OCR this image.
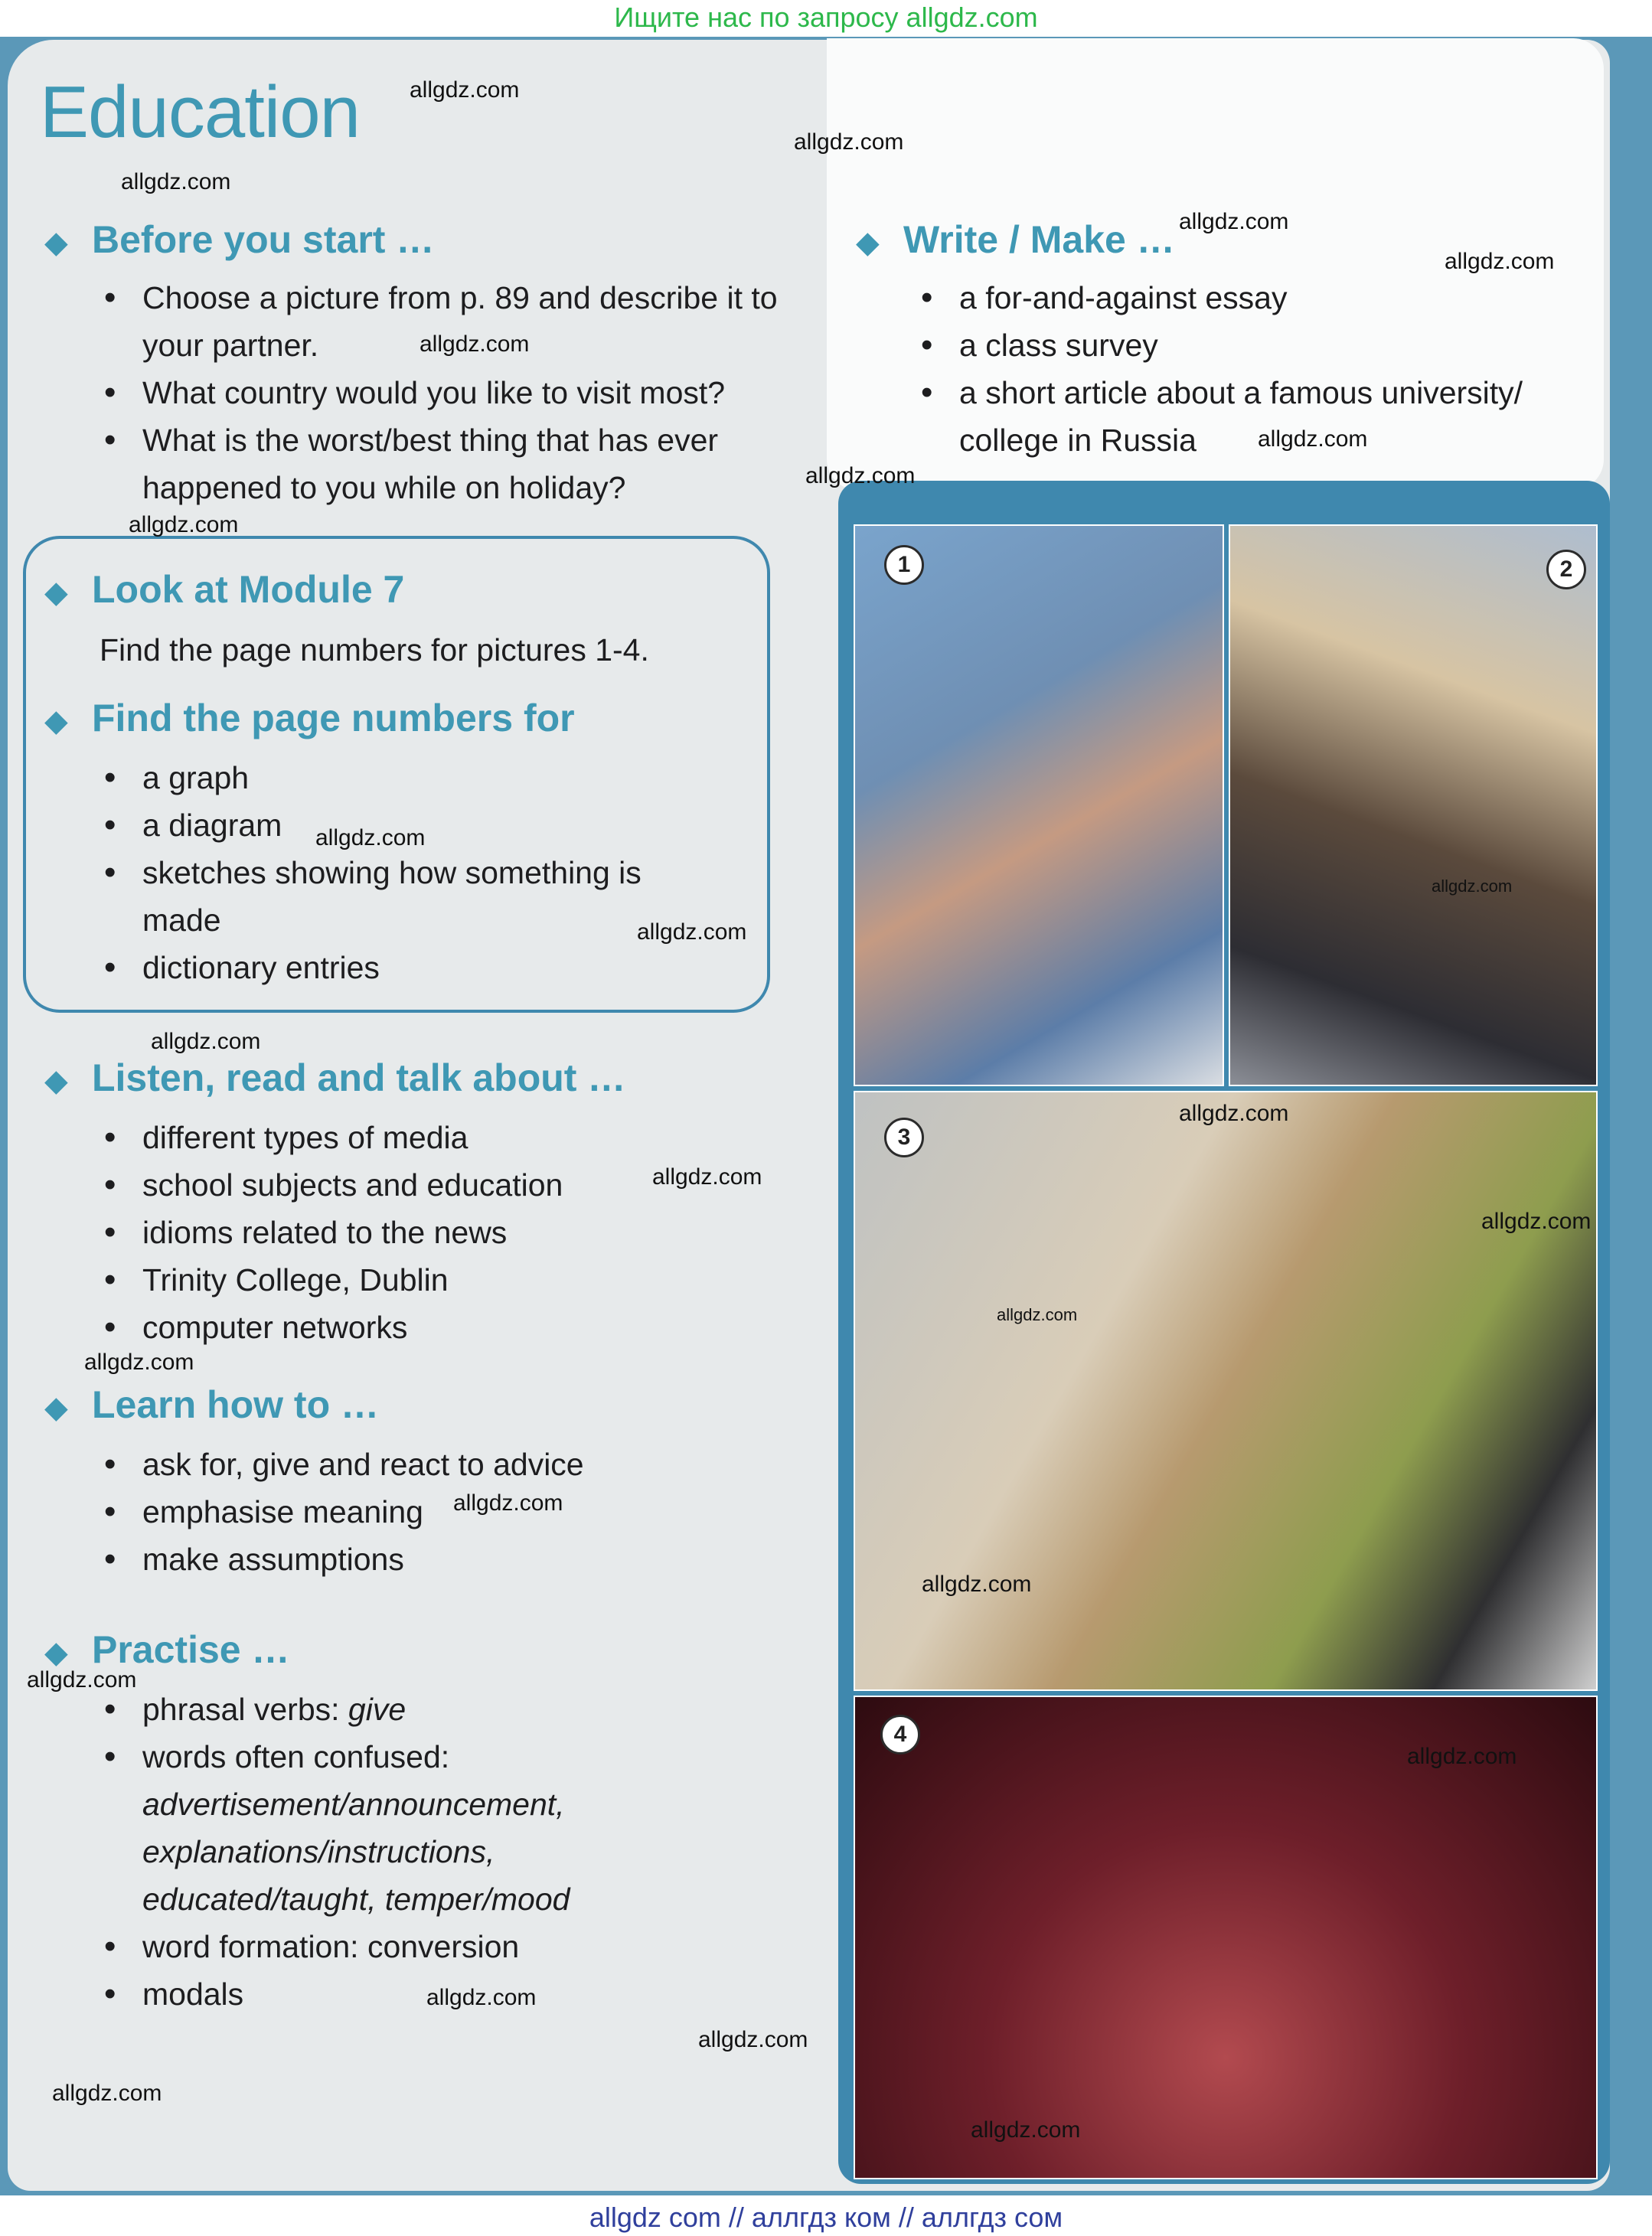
Ищите нас по запросу allgdz.com
Education
◆ Before you start …
• Choose a picture from p. 89 and describe it to
your partner.
• What country would you like to visit most?
• What is the worst/best thing that has ever
happened to you while on holiday?
◆ Write / Make …
• a for-and-against essay
• a class survey
• a short article about a famous university/
college in Russia
◆ Look at Module 7
Find the page numbers for pictures 1-4.
◆ Find the page numbers for
• a graph
• a diagram
• sketches showing how something is
made
• dictionary entries
◆ Listen, read and talk about …
• different types of media
• school subjects and education
• idioms related to the news
• Trinity College, Dublin
• computer networks
◆ Learn how to …
• ask for, give and react to advice
• emphasise meaning
• make assumptions
◆ Practise …
• phrasal verbs: give
• words often confused:
advertisement/announcement,
explanations/instructions,
educated/taught, temper/mood
• word formation: conversion
• modals
1	2
3
4
allgdz.com
allgdz.com
allgdz.com
allgdz.com
allgdz.com
allgdz.com
allgdz.com
allgdz.com
allgdz.com
allgdz.com
allgdz.com
allgdz.com
allgdz.com
allgdz.com
allgdz.com
allgdz.com
allgdz.com
allgdz.com
allgdz.com
allgdz.com
allgdz.com
allgdz.com
allgdz.com
allgdz.com
allgdz.com
allgdz.com
allgdz com // аллгдз ком // аллгдз сом
